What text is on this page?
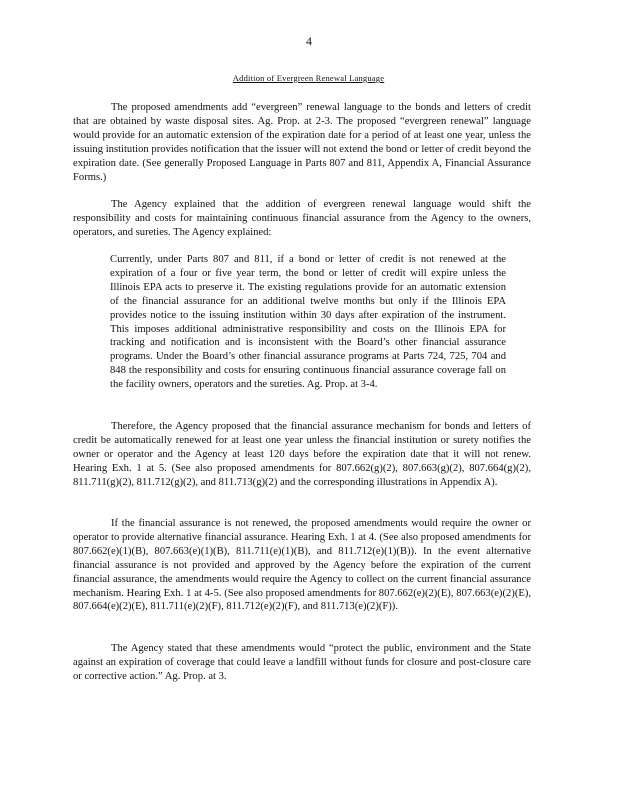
4
Addition of Evergreen Renewal Language

The proposed amendments add “evergreen” renewal language to the bonds and letters of credit that are obtained by waste disposal sites. Ag. Prop. at 2-3. The proposed “evergreen renewal” language would provide for an automatic extension of the expiration date for a period of at least one year, unless the issuing institution provides notification that the issuer will not extend the bond or letter of credit beyond the expiration date. (See generally Proposed Language in Parts 807 and 811, Appendix A, Financial Assurance Forms.)

The Agency explained that the addition of evergreen renewal language would shift the responsibility and costs for maintaining continuous financial assurance from the Agency to the owners, operators, and sureties. The Agency explained:

Currently, under Parts 807 and 811, if a bond or letter of credit is not renewed at the expiration of a four or five year term, the bond or letter of credit will expire unless the Illinois EPA acts to preserve it. The existing regulations provide for an automatic extension of the financial assurance for an additional twelve months but only if the Illinois EPA provides notice to the issuing institution within 30 days after expiration of the instrument. This imposes additional administrative responsibility and costs on the Illinois EPA for tracking and notification and is inconsistent with the Board’s other financial assurance programs. Under the Board’s other financial assurance programs at Parts 724, 725, 704 and 848 the responsibility and costs for ensuring continuous financial assurance coverage fall on the facility owners, operators and the sureties. Ag. Prop. at 3-4.

Therefore, the Agency proposed that the financial assurance mechanism for bonds and letters of credit be automatically renewed for at least one year unless the financial institution or surety notifies the owner or operator and the Agency at least 120 days before the expiration date that it will not renew. Hearing Exh. 1 at 5. (See also proposed amendments for 807.662(g)(2), 807.663(g)(2), 807.664(g)(2), 811.711(g)(2), 811.712(g)(2), and 811.713(g)(2) and the corresponding illustrations in Appendix A).

If the financial assurance is not renewed, the proposed amendments would require the owner or operator to provide alternative financial assurance. Hearing Exh. 1 at 4. (See also proposed amendments for 807.662(e)(1)(B), 807.663(e)(1)(B), 811.711(e)(1)(B), and 811.712(e)(1)(B)). In the event alternative financial assurance is not provided and approved by the Agency before the expiration of the current financial assurance, the amendments would require the Agency to collect on the current financial assurance mechanism. Hearing Exh. 1 at 4-5. (See also proposed amendments for 807.662(e)(2)(E), 807.663(e)(2)(E), 807.664(e)(2)(E), 811.711(e)(2)(F), 811.712(e)(2)(F), and 811.713(e)(2)(F)).

The Agency stated that these amendments would “protect the public, environment and the State against an expiration of coverage that could leave a landfill without funds for closure and post-closure care or corrective action.” Ag. Prop. at 3.
